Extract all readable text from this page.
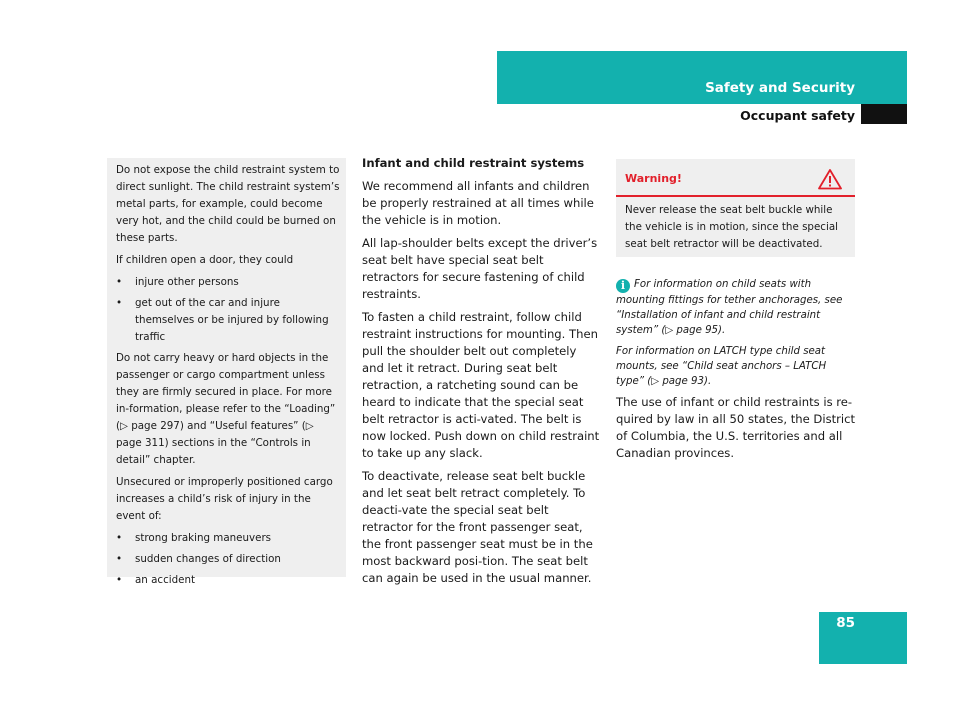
Safety and Security
Occupant safety

Do not expose the child restraint system to direct sunlight. The child restraint system’s metal parts, for example, could become very hot, and the child could be burned on these parts.

If children open a door, they could

• injure other persons
• get out of the car and injure themselves or be injured by following traffic

Do not carry heavy or hard objects in the passenger or cargo compartment unless they are firmly secured in place. For more in-formation, please refer to the “Loading” (▷ page 297) and “Useful features” (▷ page 311) sections in the “Controls in detail” chapter.

Unsecured or improperly positioned cargo increases a child’s risk of injury in the event of:

• strong braking maneuvers
• sudden changes of direction
• an accident
Infant and child restraint systems

We recommend all infants and children be properly restrained at all times while the vehicle is in motion.

All lap-shoulder belts except the driver’s seat belt have special seat belt retractors for secure fastening of child restraints.

To fasten a child restraint, follow child restraint instructions for mounting. Then pull the shoulder belt out completely and let it retract. During seat belt retraction, a ratcheting sound can be heard to indicate that the special seat belt retractor is acti-vated. The belt is now locked. Push down on child restraint to take up any slack.

To deactivate, release seat belt buckle and let seat belt retract completely. To deacti-vate the special seat belt retractor for the front passenger seat, the front passenger seat must be in the most backward posi-tion. The seat belt can again be used in the usual manner.

Warning!
Never release the seat belt buckle while the vehicle is in motion, since the special seat belt retractor will be deactivated.

i For information on child seats with mounting fittings for tether anchorages, see “Installation of infant and child restraint system” (▷ page 95).

For information on LATCH type child seat mounts, see “Child seat anchors – LATCH type” (▷ page 93).

The use of infant or child restraints is re-quired by law in all 50 states, the District of Columbia, the U.S. territories and all Canadian provinces.

85
